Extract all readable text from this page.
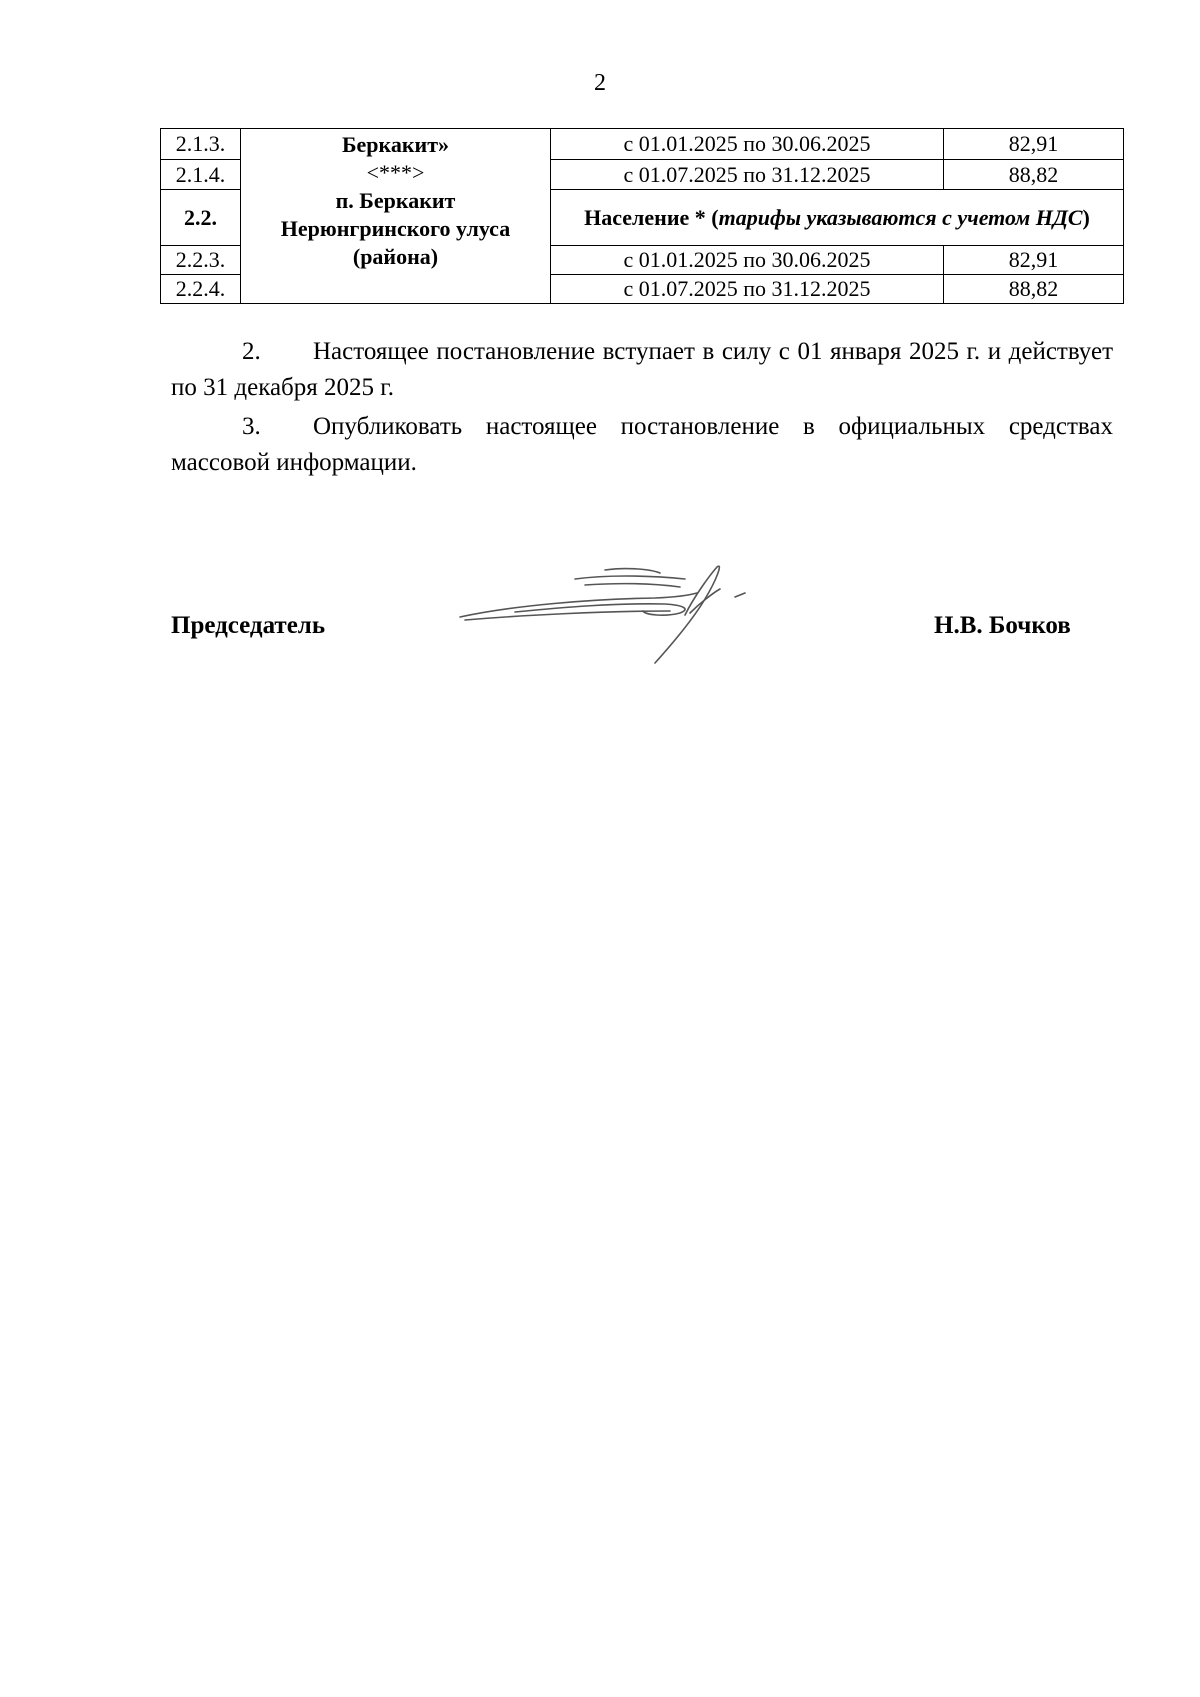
2
2.1.3.	Беркакит»
<***>
п. Беркакит
Нерюнгринского улуса
(района)	с 01.01.2025 по 30.06.2025	82,91
2.1.4.		с 01.07.2025 по 31.12.2025	88,82
2.2.		Население * (тарифы указываются с учетом НДС)	
2.2.3.		с 01.01.2025 по 30.06.2025	82,91
2.2.4.		с 01.07.2025 по 31.12.2025	88,82
2. Настоящее постановление вступает в силу с 01 января 2025 г. и действует по 31 декабря 2025 г.
3. Опубликовать настоящее постановление в официальных средствах массовой информации.
Председатель	Н.В. Бочков
